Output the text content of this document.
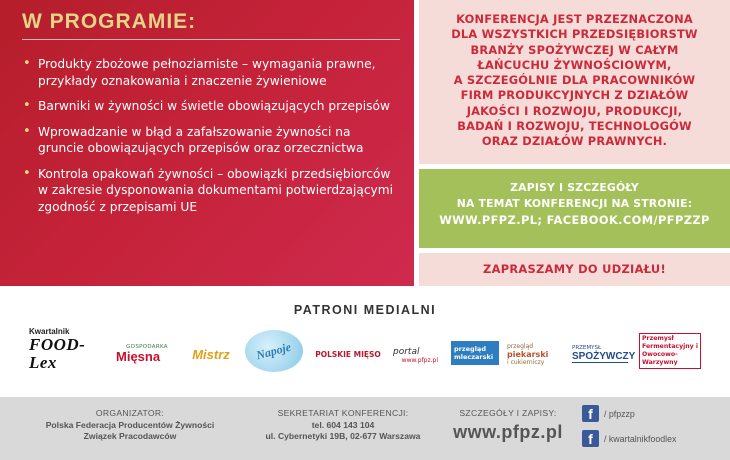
W PROGRAMIE:
• Produkty zbożowe pełnoziarniste – wymagania prawne, przykłady oznakowania i znaczenie żywieniowe
• Barwniki w żywności w świetle obowiązujących przepisów
• Wprowadzanie w błąd a zafałszowanie żywności na gruncie obowiązujących przepisów oraz orzecznictwa
• Kontrola opakowań żywności – obowiązki przedsiębiorców w zakresie dysponowania dokumentami potwierdzającymi zgodność z przepisami UE
KONFERENCJA JEST PRZEZNACZONA
DLA WSZYSTKICH PRZEDSIĘBIORSTW
BRANŻY SPOŻYWCZEJ W CAŁYM
ŁAŃCUCHU ŻYWNOŚCIOWYM,
A SZCZEGÓLNIE DLA PRACOWNIKÓW
FIRM PRODUKCYJNYCH Z DZIAŁÓW
JAKOŚCI I ROZWOJU, PRODUKCJI,
BADAŃ I ROZWOJU, TECHNOLOGÓW
ORAZ DZIAŁÓW PRAWNYCH.
ZAPISY I SZCZEGÓŁY
NA TEMAT KONFERENCJI NA STRONIE:
WWW.PFPZ.PL; FACEBOOK.COM/PFPZZP
ZAPRASZAMY DO UDZIAŁU!
PATRONI MEDIALNI
Kwartalnik
FOOD-Lex
GOSPODARKA
Mięsna	Mistrz Napoje	POLSKIE MIĘSO portal
www.pfpz.pl
przegląd mleczarski
przegląd
piekarski
i cukierniczy
PRZEMYSŁ
SPOŻYWCZY
Przemysł Fermentacyjny i Owocowo-Warzywny
ORGANIZATOR:
Polska Federacja Producentów Żywności
Związek Pracodawców
SEKRETARIAT KONFERENCJI:
tel. 604 143 104
ul. Cybernetyki 19B, 02-677 Warszawa
SZCZEGÓŁY I ZAPISY:
www.pfpz.pl
f	/ pfpzzp
f	/ kwartalnikfoodlex
